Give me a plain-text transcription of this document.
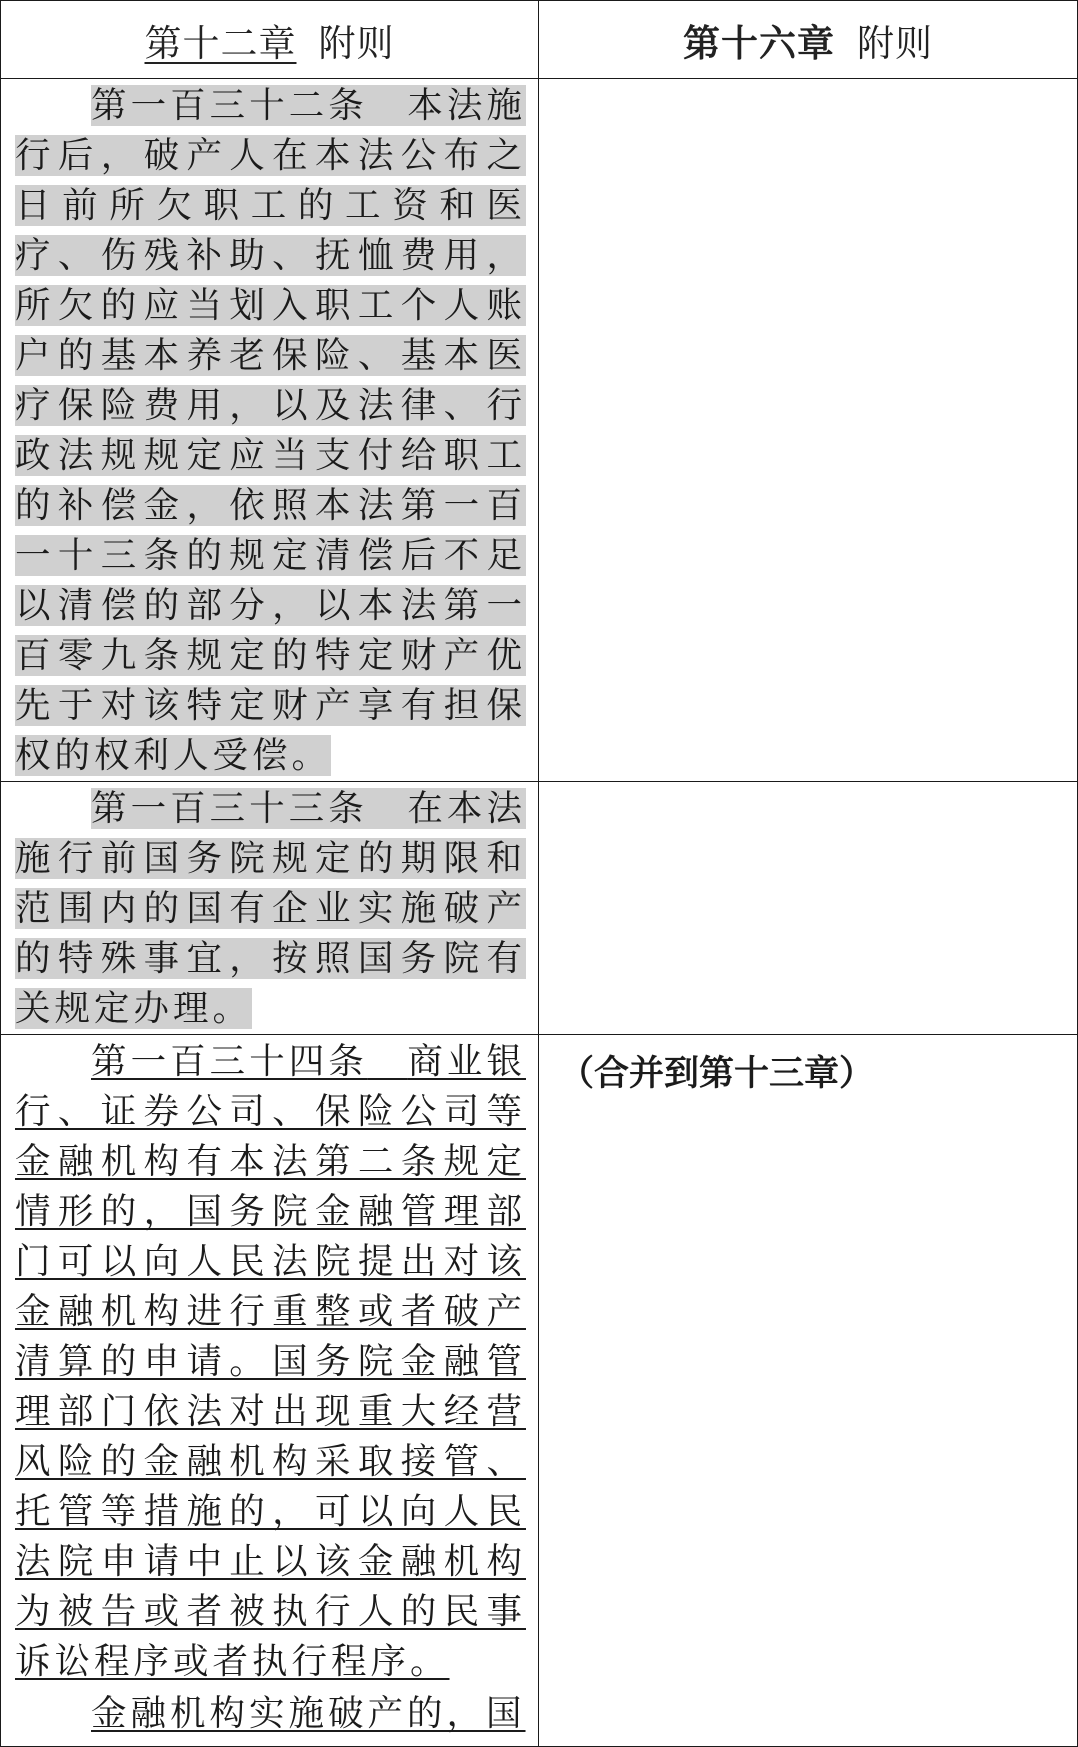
第十二章 附则	第十六章 附则

第一百三十二条　 本法施行后，破产人在本法公布之日前所欠职工的工资和医疗、伤残补助、抚恤费用，所欠的应当划入职工个人账户的基本养老保险、基本医疗保险费用，以及法律、行政法规规定应当支付给职工的补偿金，依照本法第一百一十三条的规定清偿后不足以清偿的部分，以本法第一百零九条规定的特定财产优先于对该特定财产享有担保权的权利人受偿。	

第一百三十三条　 在本法施行前国务院规定的期限和范围内的国有企业实施破产的特殊事宜，按照国务院有关规定办理。	

第一百三十四条　 商业银行、证券公司、保险公司等金融机构有本法第二条规定情形的，国务院金融管理部门可以向人民法院提出对该金融机构进行重整或者破产清算的申请。国务院金融管理部门依法对出现重大经营风险的金融机构采取接管、托管等措施的，可以向人民法院申请中止以该金融机构为被告或者被执行人的民事诉讼程序或者执行程序。
金融机构实施破产的，国	（合并到第十三章）
